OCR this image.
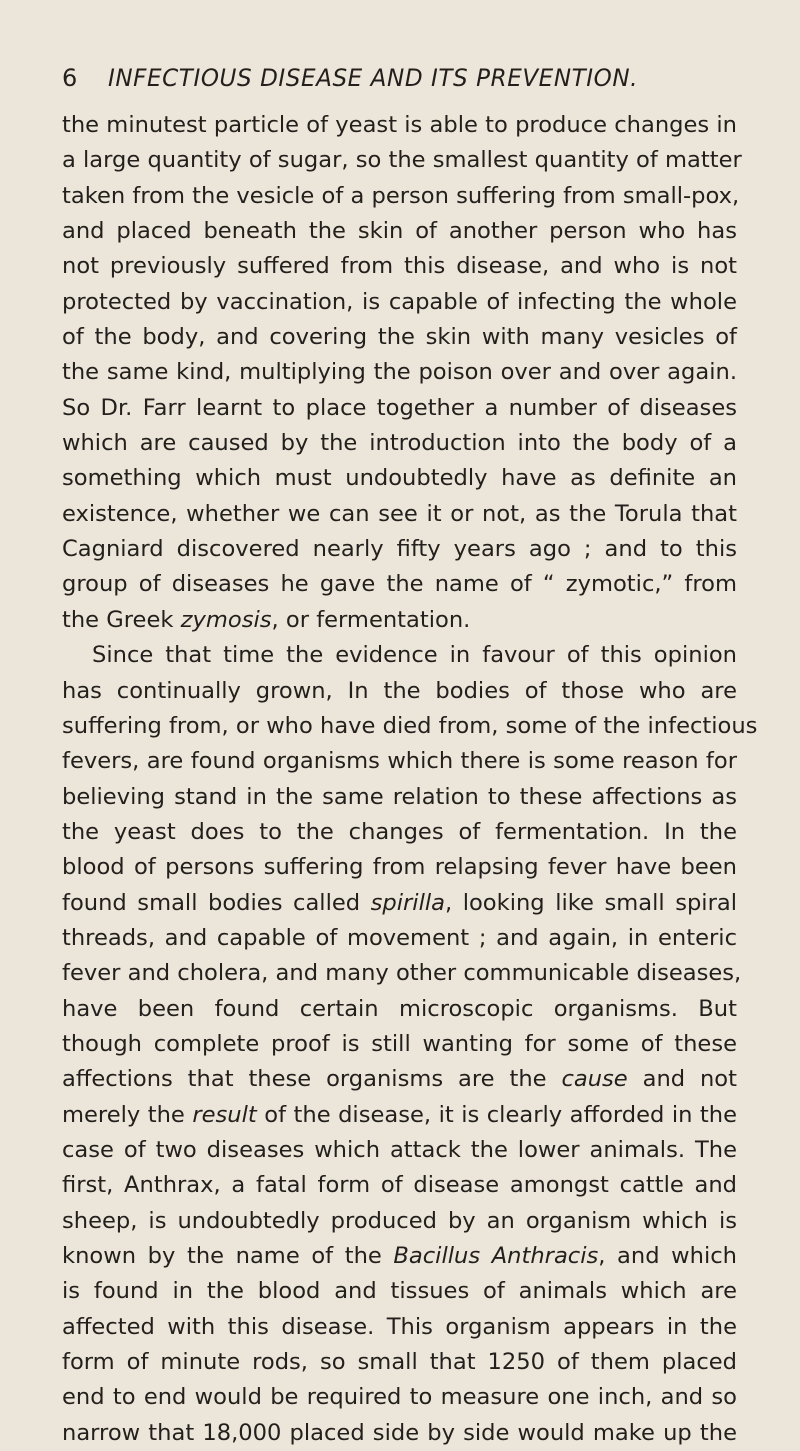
6 INFECTIOUS DISEASE AND ITS PREVENTION.
the minutest particle of yeast is able to produce changes in
a large quantity of sugar, so the smallest quantity of matter
taken from the vesicle of a person suffering from small-pox,
and placed beneath the skin of another person who has
not previously suffered from this disease, and who is not
protected by vaccination, is capable of infecting the whole
of the body, and covering the skin with many vesicles of
the same kind, multiplying the poison over and over again.
So Dr. Farr learnt to place together a number of diseases
which are caused by the introduction into the body of a
something which must undoubtedly have as definite an
existence, whether we can see it or not, as the Torula that
Cagniard discovered nearly fifty years ago ; and to this
group of diseases he gave the name of “ zymotic,” from
the Greek zymosis, or fermentation.
Since that time the evidence in favour of this opinion
has continually grown, In the bodies of those who are
suffering from, or who have died from, some of the infectious
fevers, are found organisms which there is some reason for
believing stand in the same relation to these affections as
the yeast does to the changes of fermentation. In the
blood of persons suffering from relapsing fever have been
found small bodies called spirilla, looking like small spiral
threads, and capable of movement ; and again, in enteric
fever and cholera, and many other communicable diseases,
have been found certain microscopic organisms. But
though complete proof is still wanting for some of these
affections that these organisms are the cause and not
merely the result of the disease, it is clearly afforded in the
case of two diseases which attack the lower animals. The
first, Anthrax, a fatal form of disease amongst cattle and
sheep, is undoubtedly produced by an organism which is
known by the name of the Bacillus Anthracis, and which
is found in the blood and tissues of animals which are
affected with this disease. This organism appears in the
form of minute rods, so small that 1250 of them placed
end to end would be required to measure one inch, and so
narrow that 18,000 placed side by side would make up the
